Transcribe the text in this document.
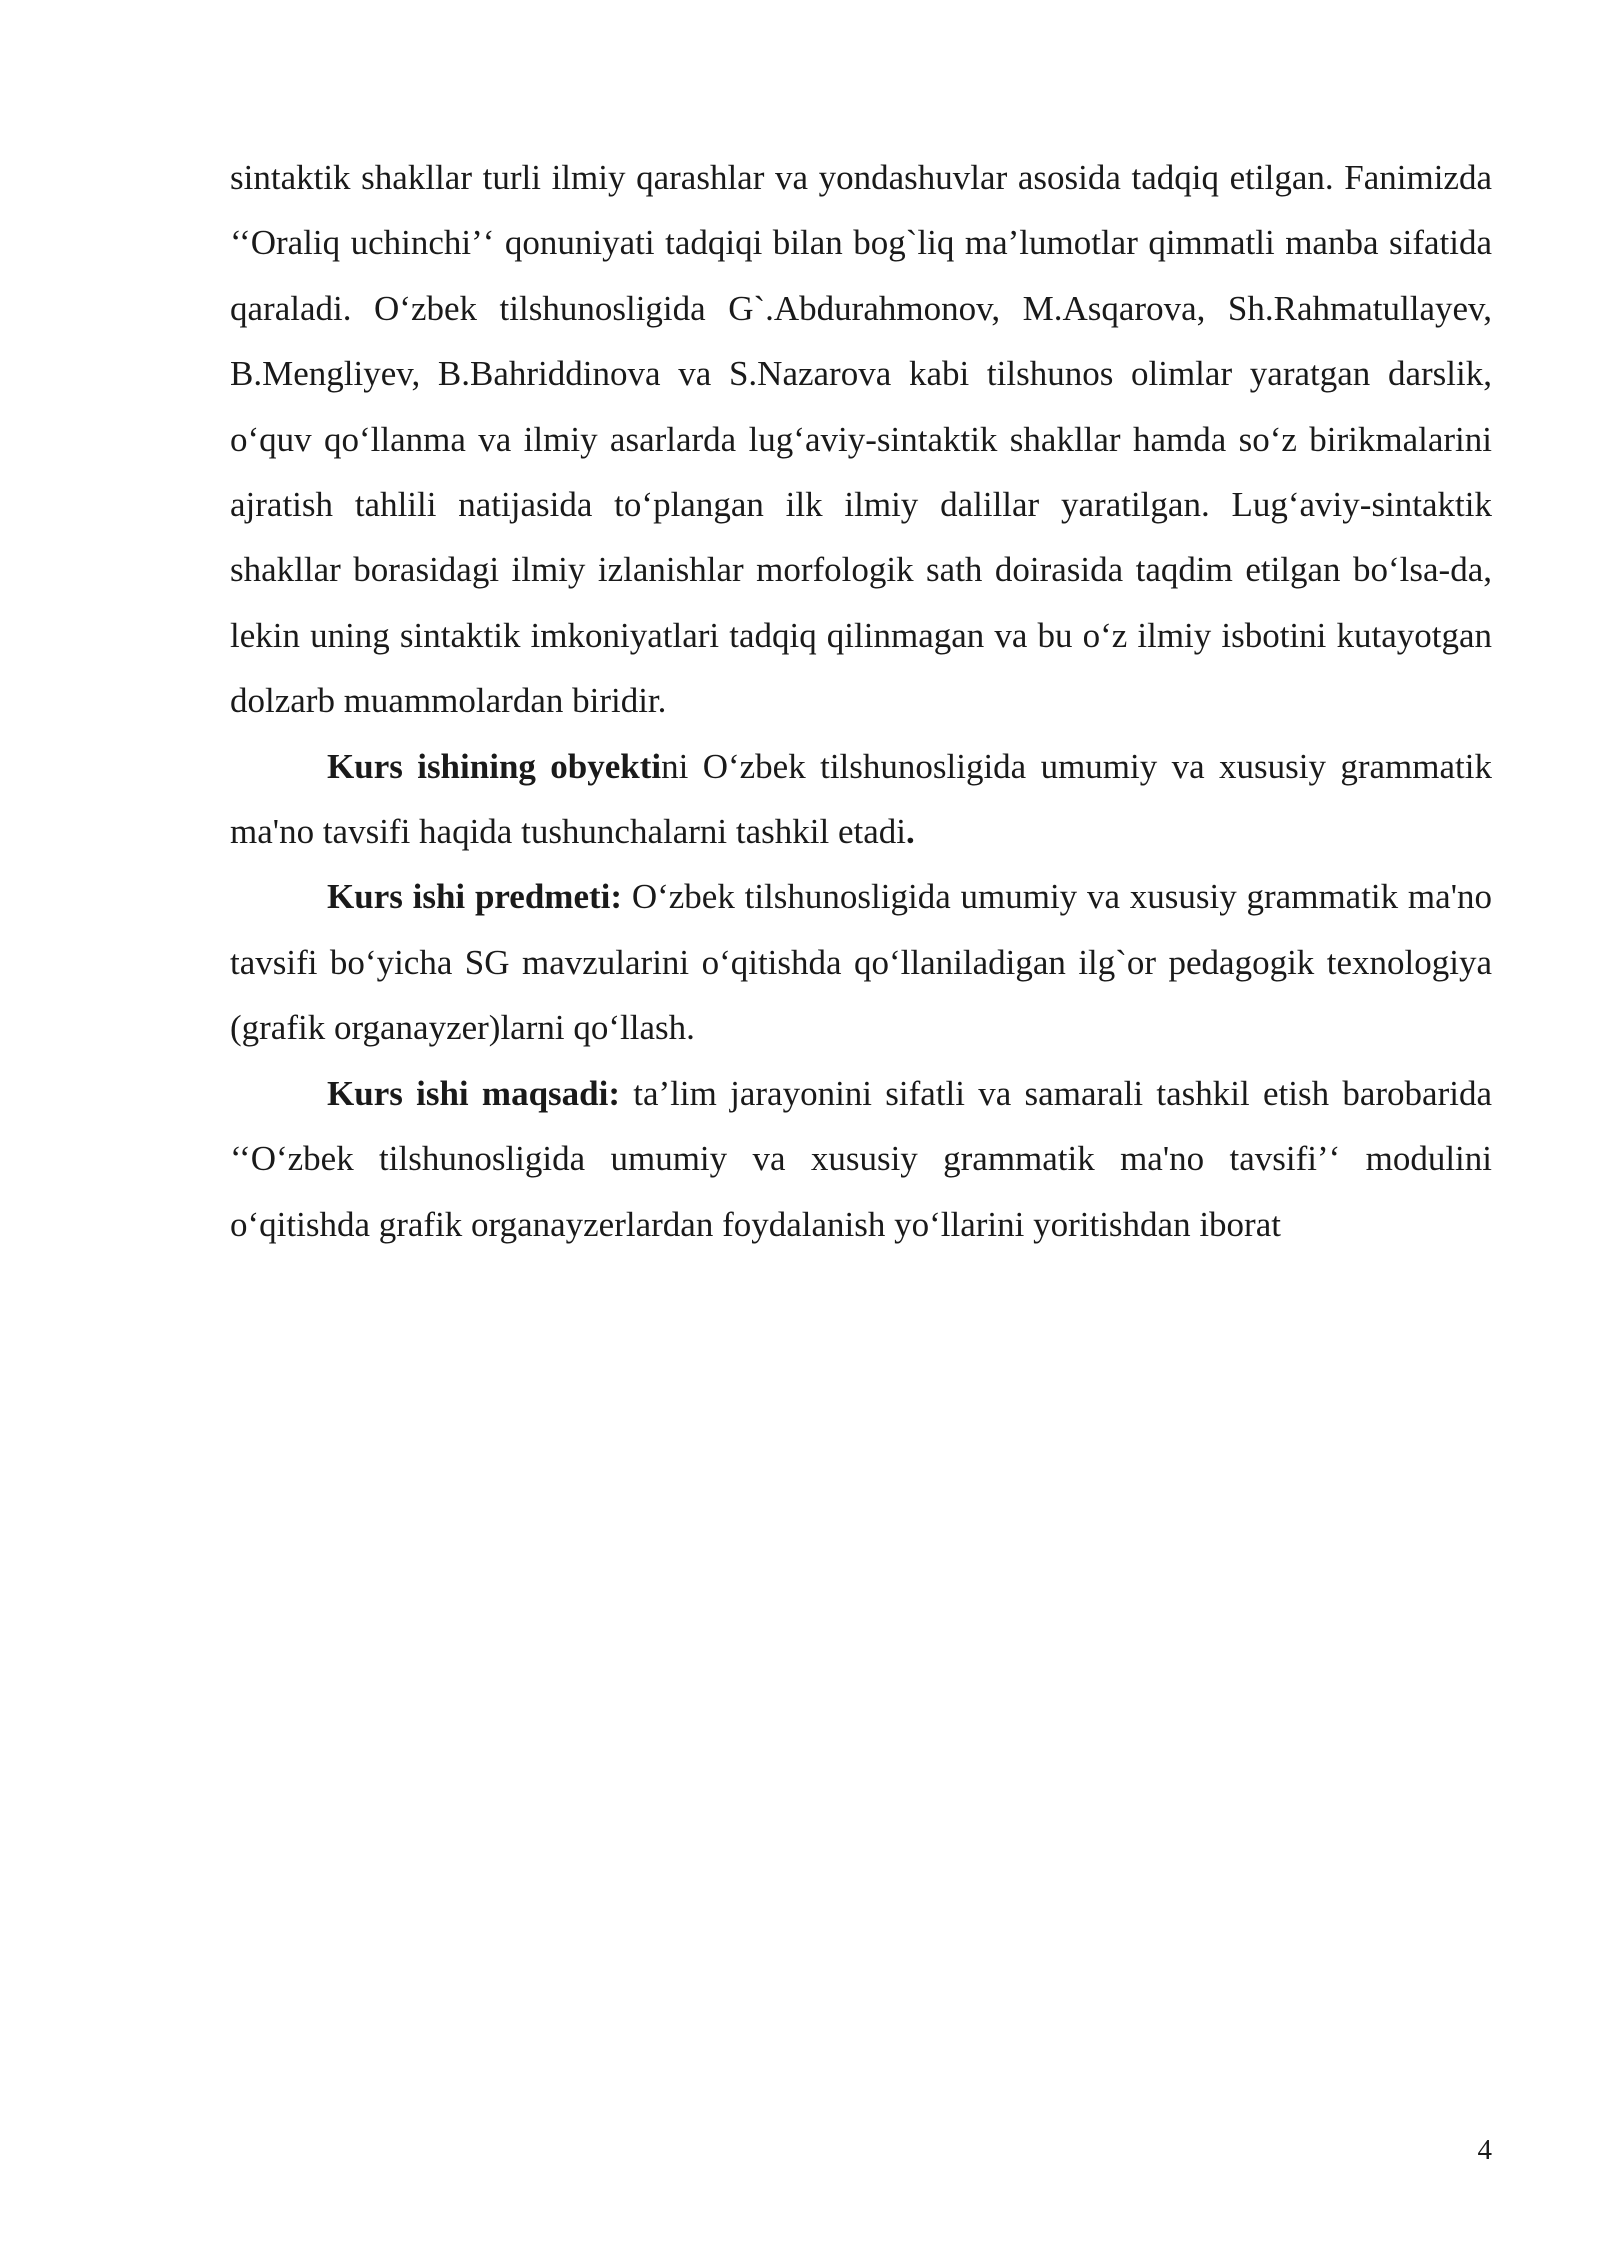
sintaktik shakllar turli ilmiy qarashlar va yondashuvlar asosida tadqiq etilgan. Fanimizda ‘‘Oraliq uchinchi’‘ qonuniyati tadqiqi bilan bog`liq ma’lumotlar qimmatli manba sifatida qaraladi. O‘zbek tilshunosligida G`.Abdurahmonov, M.Asqarova, Sh.Rahmatullayev, B.Mengliyev, B.Bahriddinova va S.Nazarova kabi tilshunos olimlar yaratgan darslik, o‘quv qo‘llanma va ilmiy asarlarda lug‘aviy-sintaktik shakllar hamda so‘z birikmalarini ajratish tahlili natijasida to‘plangan ilk ilmiy dalillar yaratilgan. Lug‘aviy-sintaktik shakllar borasidagi ilmiy izlanishlar morfologik sath doirasida taqdim etilgan bo‘lsa-da, lekin uning sintaktik imkoniyatlari tadqiq qilinmagan va bu o‘z ilmiy isbotini kutayotgan dolzarb muammolardan biridir.

Kurs ishining obyektini O‘zbek tilshunosligida umumiy va xususiy grammatik ma'no tavsifi haqida tushunchalarni tashkil etadi.

Kurs ishi predmeti: O‘zbek tilshunosligida umumiy va xususiy grammatik ma'no tavsifi bo‘yicha SG mavzularini o‘qitishda qo‘llaniladigan ilg`or pedagogik texnologiya (grafik organayzer)larni qo‘llash.

Kurs ishi maqsadi: ta’lim jarayonini sifatli va samarali tashkil etish barobarida ‘‘O‘zbek tilshunosligida umumiy va xususiy grammatik ma'no tavsifi’‘ modulini o‘qitishda grafik organayzerlardan foydalanish yo‘llarini yoritishdan iborat

4
